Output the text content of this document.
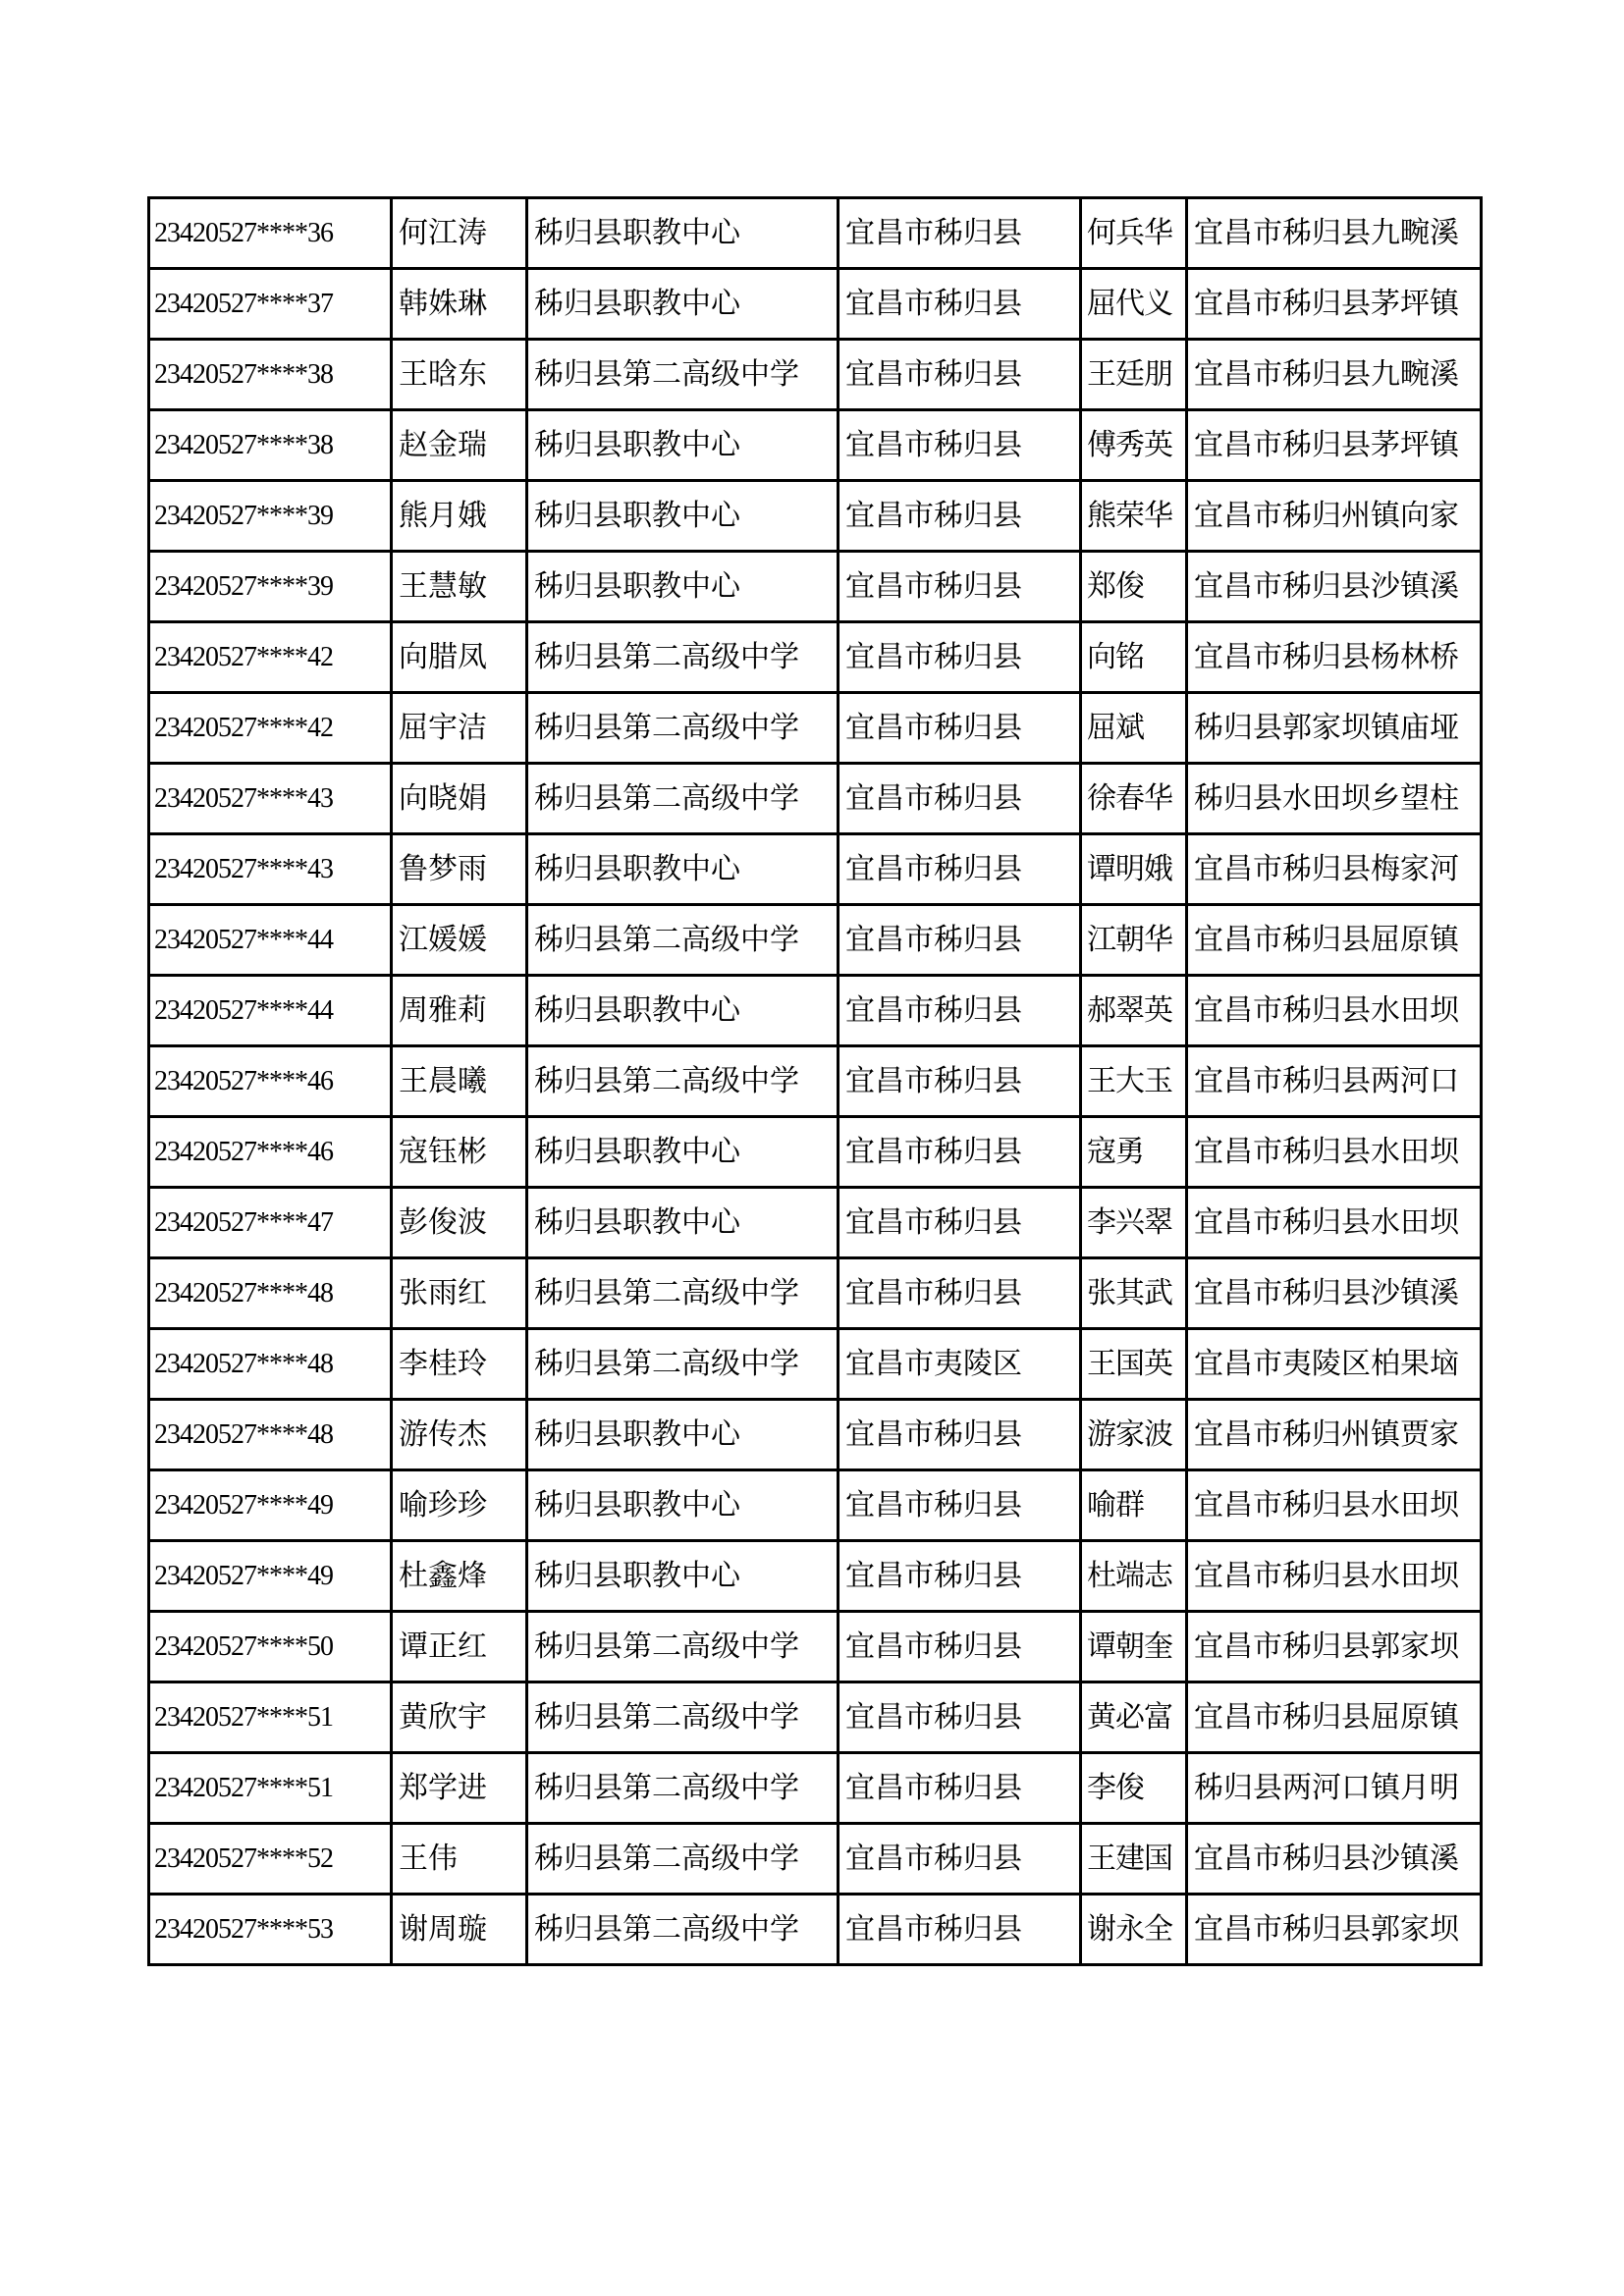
23420527****36	何江涛	秭归县职教中心	宜昌市秭归县	何兵华	宜昌市秭归县九畹溪
23420527****37	韩姝琳	秭归县职教中心	宜昌市秭归县	屈代义	宜昌市秭归县茅坪镇
23420527****38	王晗东	秭归县第二高级中学	宜昌市秭归县	王廷朋	宜昌市秭归县九畹溪
23420527****38	赵金瑞	秭归县职教中心	宜昌市秭归县	傅秀英	宜昌市秭归县茅坪镇
23420527****39	熊月娥	秭归县职教中心	宜昌市秭归县	熊荣华	宜昌市秭归州镇向家
23420527****39	王慧敏	秭归县职教中心	宜昌市秭归县	郑俊	宜昌市秭归县沙镇溪
23420527****42	向腊凤	秭归县第二高级中学	宜昌市秭归县	向铭	宜昌市秭归县杨林桥
23420527****42	屈宇洁	秭归县第二高级中学	宜昌市秭归县	屈斌	秭归县郭家坝镇庙垭
23420527****43	向晓娟	秭归县第二高级中学	宜昌市秭归县	徐春华	秭归县水田坝乡望柱
23420527****43	鲁梦雨	秭归县职教中心	宜昌市秭归县	谭明娥	宜昌市秭归县梅家河
23420527****44	江媛媛	秭归县第二高级中学	宜昌市秭归县	江朝华	宜昌市秭归县屈原镇
23420527****44	周雅莉	秭归县职教中心	宜昌市秭归县	郝翠英	宜昌市秭归县水田坝
23420527****46	王晨曦	秭归县第二高级中学	宜昌市秭归县	王大玉	宜昌市秭归县两河口
23420527****46	寇钰彬	秭归县职教中心	宜昌市秭归县	寇勇	宜昌市秭归县水田坝
23420527****47	彭俊波	秭归县职教中心	宜昌市秭归县	李兴翠	宜昌市秭归县水田坝
23420527****48	张雨红	秭归县第二高级中学	宜昌市秭归县	张其武	宜昌市秭归县沙镇溪
23420527****48	李桂玲	秭归县第二高级中学	宜昌市夷陵区	王国英	宜昌市夷陵区柏果垴
23420527****48	游传杰	秭归县职教中心	宜昌市秭归县	游家波	宜昌市秭归州镇贾家
23420527****49	喻珍珍	秭归县职教中心	宜昌市秭归县	喻群	宜昌市秭归县水田坝
23420527****49	杜鑫烽	秭归县职教中心	宜昌市秭归县	杜端志	宜昌市秭归县水田坝
23420527****50	谭正红	秭归县第二高级中学	宜昌市秭归县	谭朝奎	宜昌市秭归县郭家坝
23420527****51	黄欣宇	秭归县第二高级中学	宜昌市秭归县	黄必富	宜昌市秭归县屈原镇
23420527****51	郑学进	秭归县第二高级中学	宜昌市秭归县	李俊	秭归县两河口镇月明
23420527****52	王伟	秭归县第二高级中学	宜昌市秭归县	王建国	宜昌市秭归县沙镇溪
23420527****53	谢周璇	秭归县第二高级中学	宜昌市秭归县	谢永全	宜昌市秭归县郭家坝
